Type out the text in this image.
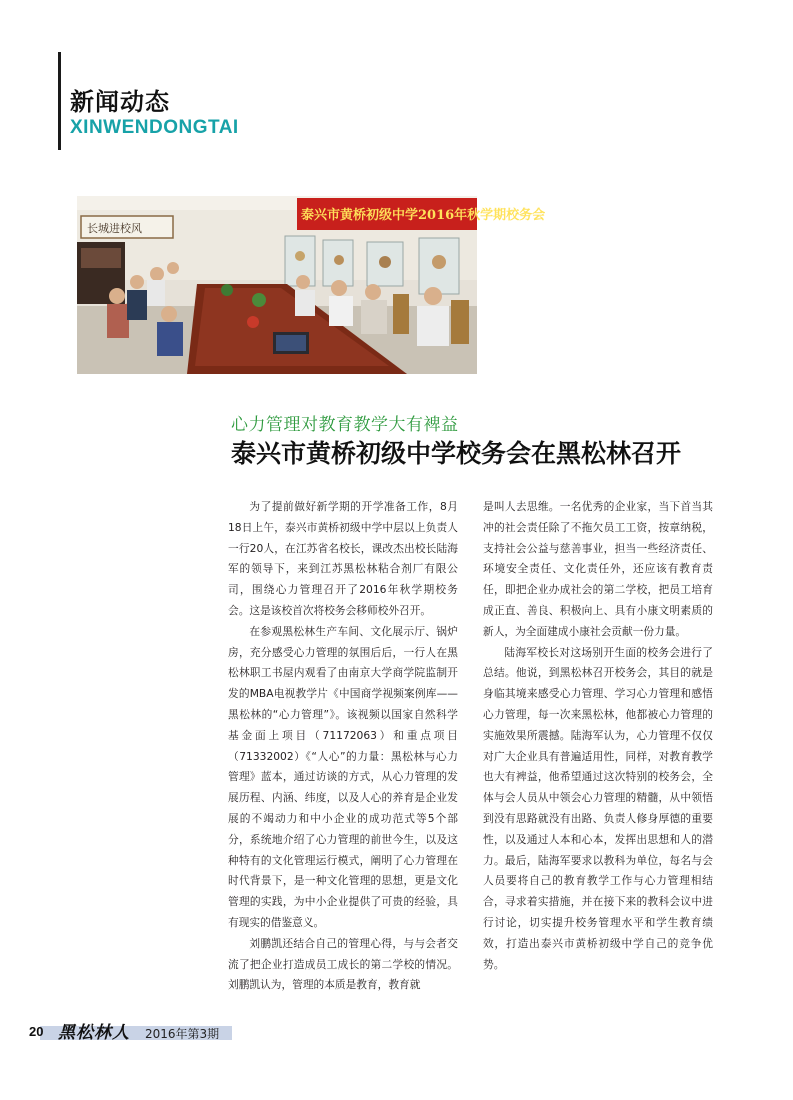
新闻动态
XINWENDONGTAI
长城进校风
泰兴市黄桥初级中学2016年秋学期校务会
心力管理对教育教学大有裨益
泰兴市黄桥初级中学校务会在黑松林召开

为了提前做好新学期的开学准备工作，8月18日上午，泰兴市黄桥初级中学中层以上负责人一行20人，在江苏省名校长，课改杰出校长陆海军的领导下，来到江苏黑松林粘合剂厂有限公司，围绕心力管理召开了2016年秋学期校务会。这是该校首次将校务会移师校外召开。

在参观黑松林生产车间、文化展示厅、锅炉房，充分感受心力管理的氛围后后，一行人在黑松林职工书屋内观看了由南京大学商学院监制开发的MBA电视教学片《中国商学视频案例库——黑松林的“心力管理”》。该视频以国家自然科学基金面上项目（71172063）和重点项目（71332002）《“人心”的力量：黑松林与心力管理》蓝本，通过访谈的方式，从心力管理的发展历程、内涵、纬度，以及人心的养育是企业发展的不竭动力和中小企业的成功范式等5个部分，系统地介绍了心力管理的前世今生，以及这种特有的文化管理运行模式，阐明了心力管理在时代背景下，是一种文化管理的思想，更是文化管理的实践，为中小企业提供了可贵的经验，具有现实的借鉴意义。

刘鹏凯还结合自己的管理心得，与与会者交流了把企业打造成员工成长的第二学校的情况。刘鹏凯认为，管理的本质是教育，教育就

是叫人去思维。一名优秀的企业家，当下首当其冲的社会责任除了不拖欠员工工资，按章纳税，支持社会公益与慈善事业，担当一些经济责任、环境安全责任、文化责任外，还应该有教育责任，即把企业办成社会的第二学校，把员工培育成正直、善良、积极向上、具有小康文明素质的新人，为全面建成小康社会贡献一份力量。

陆海军校长对这场别开生面的校务会进行了总结。他说，到黑松林召开校务会，其目的就是身临其境来感受心力管理、学习心力管理和感悟心力管理，每一次来黑松林，他都被心力管理的实施效果所震撼。陆海军认为，心力管理不仅仅对广大企业具有普遍适用性，同样，对教育教学也大有裨益，他希望通过这次特别的校务会，全体与会人员从中领会心力管理的精髓，从中领悟到没有思路就没有出路、负责人修身厚德的重要性，以及通过人本和心本，发挥出思想和人的潜力。最后，陆海军要求以教科为单位，每名与会人员要将自己的教育教学工作与心力管理相结合，寻求着实措施，并在接下来的教科会议中进行讨论，切实提升校务管理水平和学生教育绩效，打造出泰兴市黄桥初级中学自己的竞争优势。

20 黑松林人 2016年第3期
